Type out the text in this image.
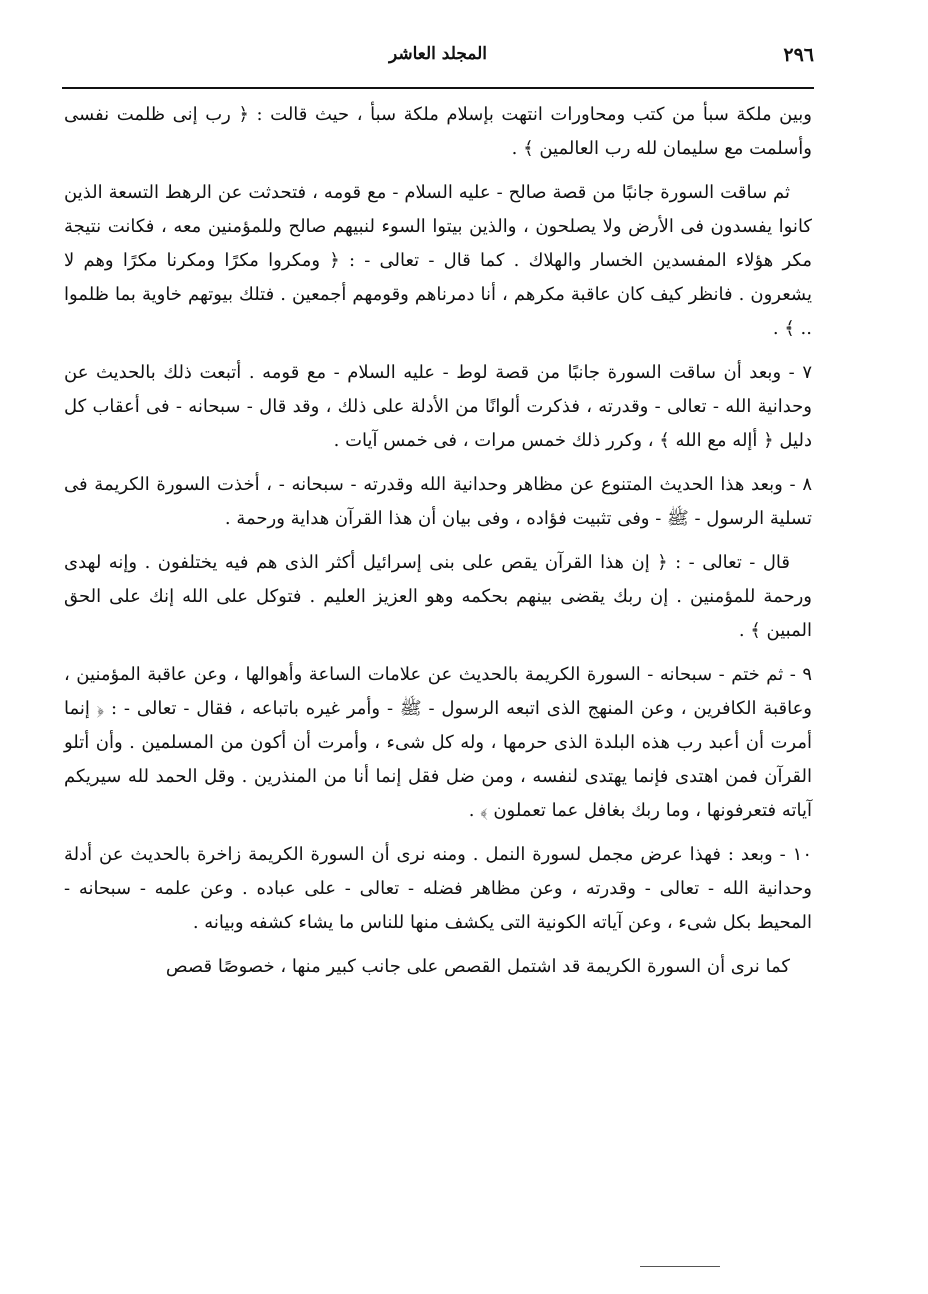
٢٩٦
المجلد العاشر

وبين ملكة سبأ من كتب ومحاورات انتهت بإسلام ملكة سبأ ، حيث قالت : ﴿ رب إنى ظلمت نفسى وأسلمت مع سليمان لله رب العالمين ﴾ .

ثم ساقت السورة جانبًا من قصة صالح - عليه السلام - مع قومه ، فتحدثت عن الرهط التسعة الذين كانوا يفسدون فى الأرض ولا يصلحون ، والذين بيتوا السوء لنبيهم صالح وللمؤمنين معه ، فكانت نتيجة مكر هؤلاء المفسدين الخسار والهلاك . كما قال - تعالى - : ﴿ ومكروا مكرًا ومكرنا مكرًا وهم لا يشعرون . فانظر كيف كان عاقبة مكرهم ، أنا دمرناهم وقومهم أجمعين . فتلك بيوتهم خاوية بما ظلموا .. ﴾ .

٧ - وبعد أن ساقت السورة جانبًا من قصة لوط - عليه السلام - مع قومه . أتبعت ذلك بالحديث عن وحدانية الله - تعالى - وقدرته ، فذكرت ألوانًا من الأدلة على ذلك ، وقد قال - سبحانه - فى أعقاب كل دليل ﴿ أإله مع الله ﴾ ، وكرر ذلك خمس مرات ، فى خمس آيات .

٨ - وبعد هذا الحديث المتنوع عن مظاهر وحدانية الله وقدرته - سبحانه - ، أخذت السورة الكريمة فى تسلية الرسول - ﷺ - وفى تثبيت فؤاده ، وفى بيان أن هذا القرآن هداية ورحمة .

قال - تعالى - : ﴿ إن هذا القرآن يقص على بنى إسرائيل أكثر الذى هم فيه يختلفون . وإنه لهدى ورحمة للمؤمنين . إن ربك يقضى بينهم بحكمه وهو العزيز العليم . فتوكل على الله إنك على الحق المبين ﴾ .

٩ - ثم ختم - سبحانه - السورة الكريمة بالحديث عن علامات الساعة وأهوالها ، وعن عاقبة المؤمنين ، وعاقبة الكافرين ، وعن المنهج الذى اتبعه الرسول - ﷺ - وأمر غيره باتباعه ، فقال - تعالى - : ﴿ إنما أمرت أن أعبد رب هذه البلدة الذى حرمها ، وله كل شىء ، وأمرت أن أكون من المسلمين . وأن أتلو القرآن فمن اهتدى فإنما يهتدى لنفسه ، ومن ضل فقل إنما أنا من المنذرين . وقل الحمد لله سيريكم آياته فتعرفونها ، وما ربك بغافل عما تعملون ﴾ .

١٠ - وبعد : فهذا عرض مجمل لسورة النمل . ومنه نرى أن السورة الكريمة زاخرة بالحديث عن أدلة وحدانية الله - تعالى - وقدرته ، وعن مظاهر فضله - تعالى - على عباده . وعن علمه - سبحانه - المحيط بكل شىء ، وعن آياته الكونية التى يكشف منها للناس ما يشاء كشفه وبيانه .

كما نرى أن السورة الكريمة قد اشتمل القصص على جانب كبير منها ، خصوصًا قصص
